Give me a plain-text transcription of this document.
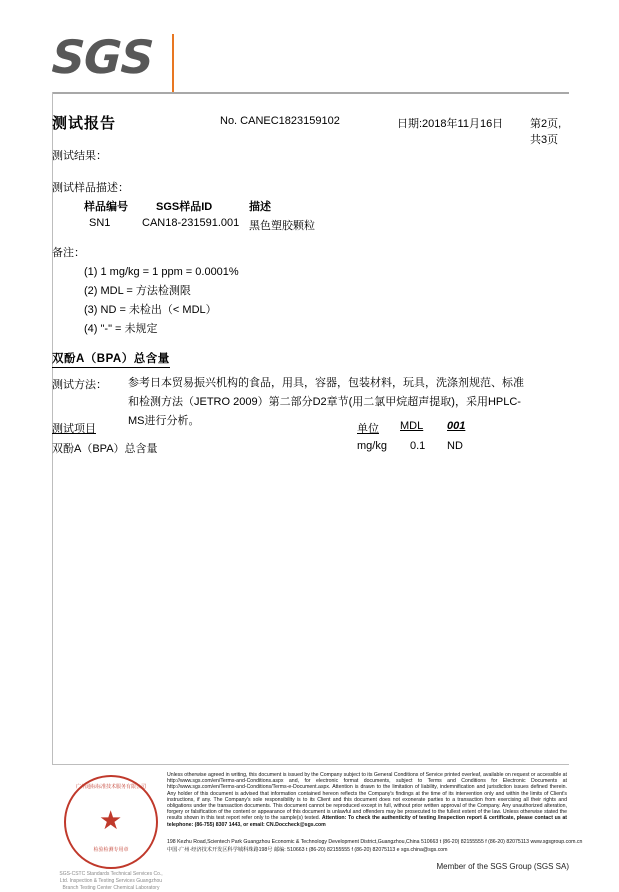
SGS
测试报告	No. CANEC1823159102	日期:2018年11月16日 第2页,共3页
测试结果：
测试样品描述：
样品编号	SGS样品ID	描述
SN1	CAN18-231591.001 黑色塑胶颗粒
备注：
(1) 1 mg/kg = 1 ppm = 0.0001%
(2) MDL = 方法检测限
(3) ND = 未检出（< MDL）
(4) "-" = 未规定
双酚A（BPA）总含量
测试方法： 参考日本贸易振兴机构的食品，用具，容器，包装材料，玩具，洗涤剂规范、标准和检测方法（JETRO 2009）第二部分D2章节(用二氯甲烷超声提取)，采用HPLC-MS进行分析。
测试项目	单位 MDL 001
双酚A（BPA）总含量	mg/kg 0.1 ND
广州通标标准技术服务有限公司
★
检验检测专用章
SGS-CSTC Standards Technical Services Co., Ltd. Inspection & Testing Services Guangzhou Branch Testing Center Chemical Laboratory
Unless otherwise agreed in writing, this document is issued by the Company subject to its General Conditions of Service printed overleaf, available on request or accessible at http://www.sgs.com/en/Terms-and-Conditions.aspx and, for electronic format documents, subject to Terms and Conditions for Electronic Documents at http://www.sgs.com/en/Terms-and-Conditions/Terms-e-Document.aspx. Attention is drawn to the limitation of liability, indemnification and jurisdiction issues defined therein. Any holder of this document is advised that information contained hereon reflects the Company's findings at the time of its intervention only and within the limits of Client's instructions, if any. The Company's sole responsibility is to its Client and this document does not exonerate parties to a transaction from exercising all their rights and obligations under the transaction documents. This document cannot be reproduced except in full, without prior written approval of the Company. Any unauthorized alteration, forgery or falsification of the content or appearance of this document is unlawful and offenders may be prosecuted to the fullest extent of the law. Unless otherwise stated the results shown in this test report refer only to the sample(s) tested. Attention: To check the authenticity of testing /inspection report & certificate, please contact us at telephone: (86-755) 8307 1443, or email: CN.Doccheck@sgs.com
198 Kezhu Road,Scientech Park Guangzhou Economic & Technology Development District,Guangzhou,China 510663 t (86-20) 82155555 f (86-20) 82075113 www.sgsgroup.com.cn
中国·广州·经济技术开发区科学城科珠路198号 邮编: 510663 t (86-20) 82155555 f (86-20) 82075113 e sgs.china@sgs.com
Member of the SGS Group (SGS SA)
